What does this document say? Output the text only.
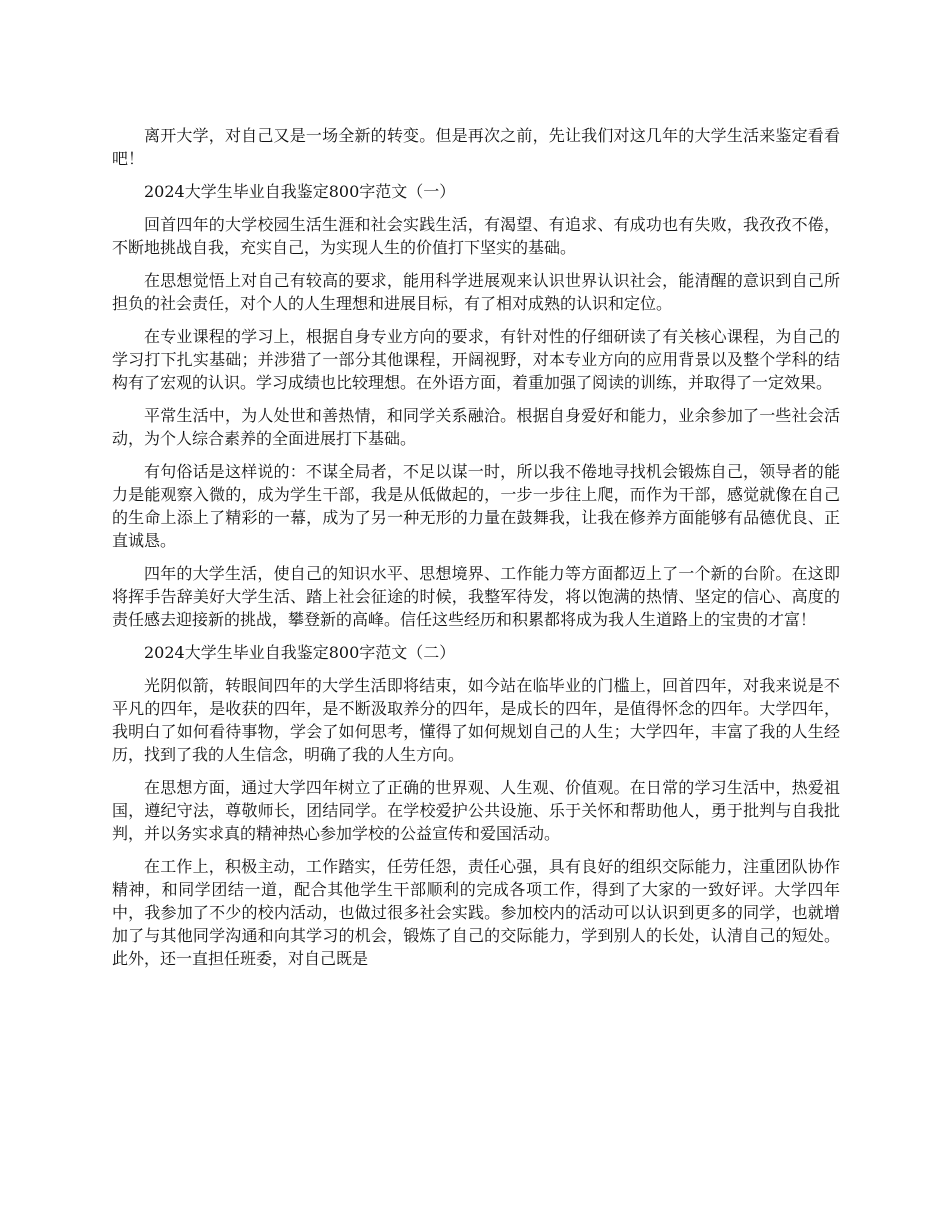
离开大学，对自己又是一场全新的转变。但是再次之前，先让我们对这几年的大学生活来鉴定看看吧！

2024大学生毕业自我鉴定800字范文（一）

回首四年的大学校园生活生涯和社会实践生活，有渴望、有追求、有成功也有失败，我孜孜不倦，不断地挑战自我，充实自己，为实现人生的价值打下坚实的基础。

在思想觉悟上对自己有较高的要求，能用科学进展观来认识世界认识社会，能清醒的意识到自己所担负的社会责任，对个人的人生理想和进展目标，有了相对成熟的认识和定位。

在专业课程的学习上，根据自身专业方向的要求，有针对性的仔细研读了有关核心课程，为自己的学习打下扎实基础；并涉猎了一部分其他课程，开阔视野，对本专业方向的应用背景以及整个学科的结构有了宏观的认识。学习成绩也比较理想。在外语方面，着重加强了阅读的训练，并取得了一定效果。

平常生活中，为人处世和善热情，和同学关系融洽。根据自身爱好和能力，业余参加了一些社会活动，为个人综合素养的全面进展打下基础。

有句俗话是这样说的：不谋全局者，不足以谋一时，所以我不倦地寻找机会锻炼自己，领导者的能力是能观察入微的，成为学生干部，我是从低做起的，一步一步往上爬，而作为干部，感觉就像在自己的生命上添上了精彩的一幕，成为了另一种无形的力量在鼓舞我，让我在修养方面能够有品德优良、正直诚恳。

四年的大学生活，使自己的知识水平、思想境界、工作能力等方面都迈上了一个新的台阶。在这即将挥手告辞美好大学生活、踏上社会征途的时候，我整军待发，将以饱满的热情、坚定的信心、高度的责任感去迎接新的挑战，攀登新的高峰。信任这些经历和积累都将成为我人生道路上的宝贵的才富！

2024大学生毕业自我鉴定800字范文（二）

光阴似箭，转眼间四年的大学生活即将结束，如今站在临毕业的门槛上，回首四年，对我来说是不平凡的四年，是收获的四年，是不断汲取养分的四年，是成长的四年，是值得怀念的四年。大学四年，我明白了如何看待事物，学会了如何思考，懂得了如何规划自己的人生；大学四年，丰富了我的人生经历，找到了我的人生信念，明确了我的人生方向。

在思想方面，通过大学四年树立了正确的世界观、人生观、价值观。在日常的学习生活中，热爱祖国，遵纪守法，尊敬师长，团结同学。在学校爱护公共设施、乐于关怀和帮助他人，勇于批判与自我批判，并以务实求真的精神热心参加学校的公益宣传和爱国活动。

在工作上，积极主动，工作踏实，任劳任怨，责任心强，具有良好的组织交际能力，注重团队协作精神，和同学团结一道，配合其他学生干部顺利的完成各项工作，得到了大家的一致好评。大学四年中，我参加了不少的校内活动，也做过很多社会实践。参加校内的活动可以认识到更多的同学，也就增加了与其他同学沟通和向其学习的机会，锻炼了自己的交际能力，学到别人的长处，认清自己的短处。此外，还一直担任班委，对自己既是
